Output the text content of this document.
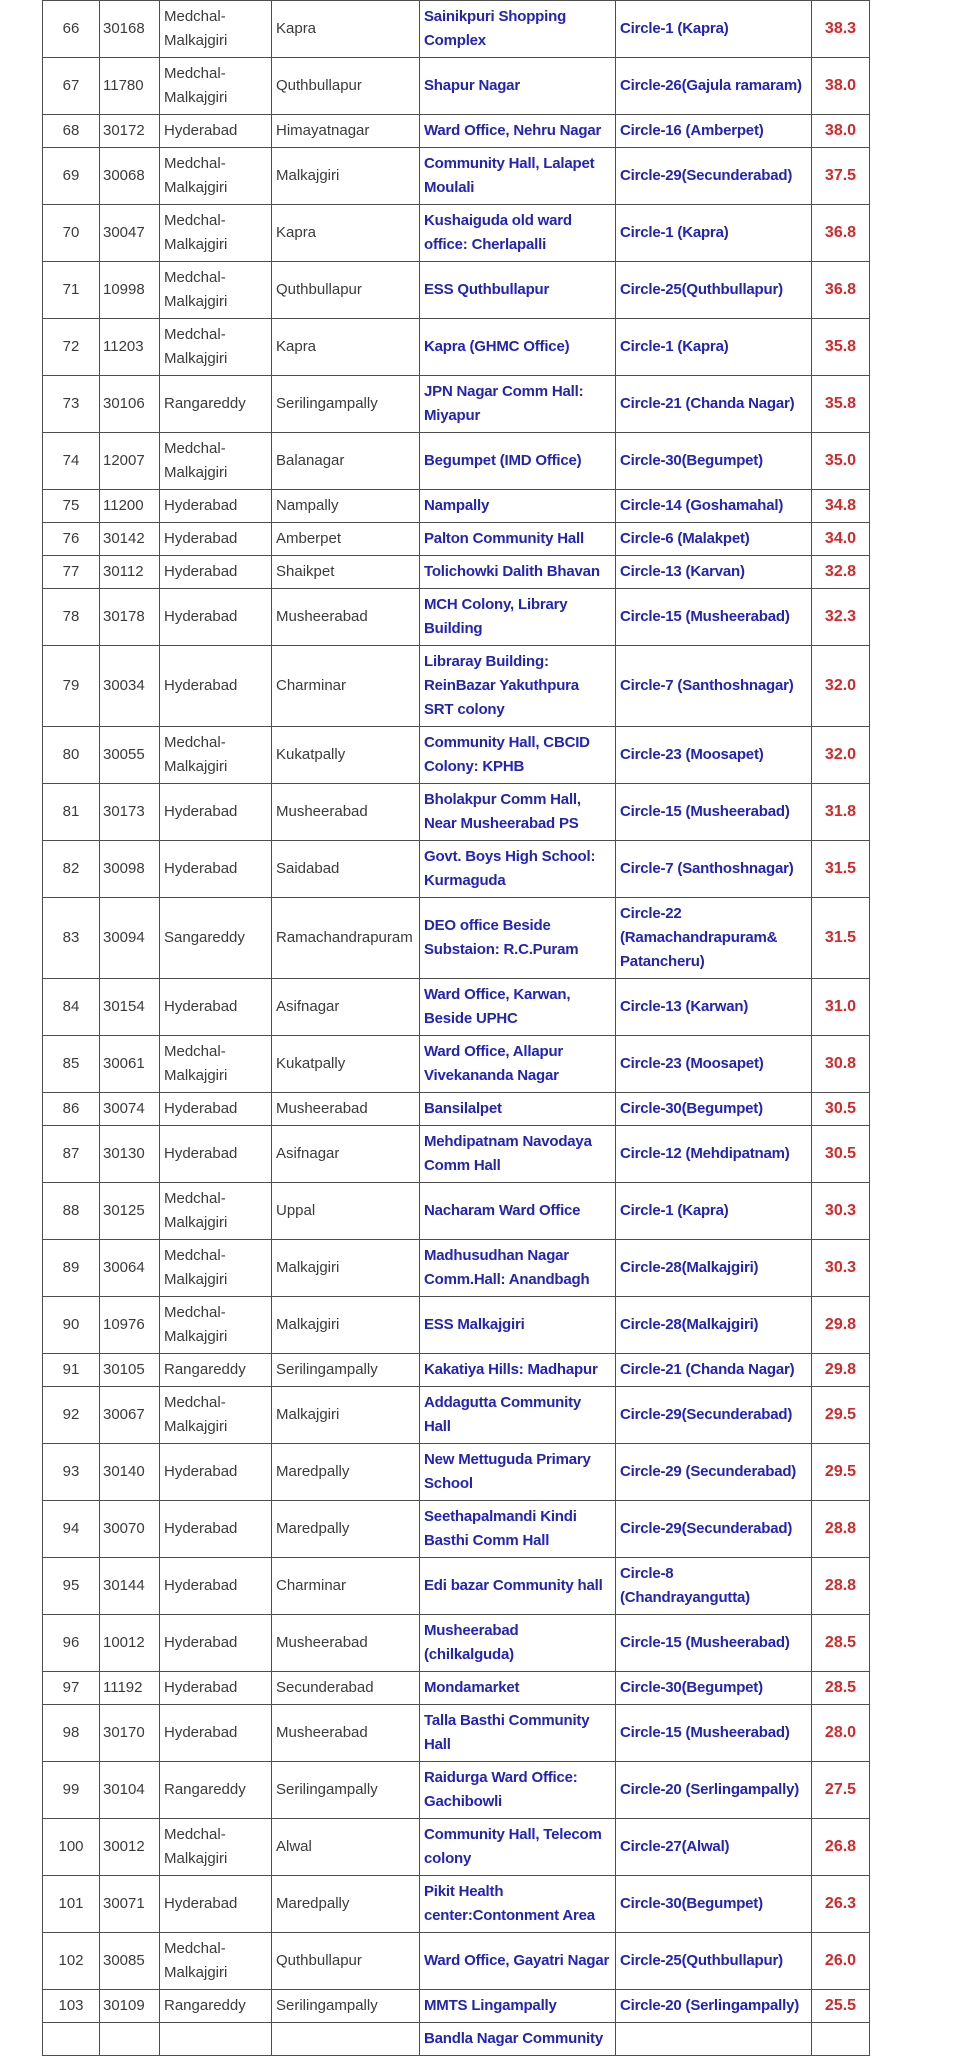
66	30168	Medchal-Malkajgiri	Kapra	Sainikpuri Shopping Complex	Circle-1 (Kapra)	38.3
67	11780	Medchal-Malkajgiri	Quthbullapur	Shapur Nagar	Circle-26(Gajula ramaram)	38.0
68	30172	Hyderabad	Himayatnagar	Ward Office, Nehru Nagar	Circle-16 (Amberpet)	38.0
69	30068	Medchal-Malkajgiri	Malkajgiri	Community Hall, Lalapet Moulali	Circle-29(Secunderabad)	37.5
70	30047	Medchal-Malkajgiri	Kapra	Kushaiguda old ward office: Cherlapalli	Circle-1 (Kapra)	36.8
71	10998	Medchal-Malkajgiri	Quthbullapur	ESS Quthbullapur	Circle-25(Quthbullapur)	36.8
72	11203	Medchal-Malkajgiri	Kapra	Kapra (GHMC Office)	Circle-1 (Kapra)	35.8
73	30106	Rangareddy	Serilingampally	JPN Nagar Comm Hall: Miyapur	Circle-21 (Chanda Nagar)	35.8
74	12007	Medchal-Malkajgiri	Balanagar	Begumpet (IMD Office)	Circle-30(Begumpet)	35.0
75	11200	Hyderabad	Nampally	Nampally	Circle-14 (Goshamahal)	34.8
76	30142	Hyderabad	Amberpet	Palton Community Hall	Circle-6 (Malakpet)	34.0
77	30112	Hyderabad	Shaikpet	Tolichowki Dalith Bhavan	Circle-13 (Karvan)	32.8
78	30178	Hyderabad	Musheerabad	MCH Colony, Library Building	Circle-15 (Musheerabad)	32.3
79	30034	Hyderabad	Charminar	Libraray Building: ReinBazar Yakuthpura SRT colony	Circle-7 (Santhoshnagar)	32.0
80	30055	Medchal-Malkajgiri	Kukatpally	Community Hall, CBCID Colony: KPHB	Circle-23 (Moosapet)	32.0
81	30173	Hyderabad	Musheerabad	Bholakpur Comm Hall, Near Musheerabad PS	Circle-15 (Musheerabad)	31.8
82	30098	Hyderabad	Saidabad	Govt. Boys High School: Kurmaguda	Circle-7 (Santhoshnagar)	31.5
83	30094	Sangareddy	Ramachandrapuram	DEO office Beside Substaion: R.C.Puram	Circle-22 (Ramachandrapuram& Patancheru)	31.5
84	30154	Hyderabad	Asifnagar	Ward Office, Karwan, Beside UPHC	Circle-13 (Karwan)	31.0
85	30061	Medchal-Malkajgiri	Kukatpally	Ward Office, Allapur Vivekananda Nagar	Circle-23 (Moosapet)	30.8
86	30074	Hyderabad	Musheerabad	Bansilalpet	Circle-30(Begumpet)	30.5
87	30130	Hyderabad	Asifnagar	Mehdipatnam Navodaya Comm Hall	Circle-12 (Mehdipatnam)	30.5
88	30125	Medchal-Malkajgiri	Uppal	Nacharam Ward Office	Circle-1 (Kapra)	30.3
89	30064	Medchal-Malkajgiri	Malkajgiri	Madhusudhan Nagar Comm.Hall: Anandbagh	Circle-28(Malkajgiri)	30.3
90	10976	Medchal-Malkajgiri	Malkajgiri	ESS Malkajgiri	Circle-28(Malkajgiri)	29.8
91	30105	Rangareddy	Serilingampally	Kakatiya Hills: Madhapur	Circle-21 (Chanda Nagar)	29.8
92	30067	Medchal-Malkajgiri	Malkajgiri	Addagutta Community Hall	Circle-29(Secunderabad)	29.5
93	30140	Hyderabad	Maredpally	New Mettuguda Primary School	Circle-29 (Secunderabad)	29.5
94	30070	Hyderabad	Maredpally	Seethapalmandi Kindi Basthi Comm Hall	Circle-29(Secunderabad)	28.8
95	30144	Hyderabad	Charminar	Edi bazar Community hall	Circle-8 (Chandrayangutta)	28.8
96	10012	Hyderabad	Musheerabad	Musheerabad (chilkalguda)	Circle-15 (Musheerabad)	28.5
97	11192	Hyderabad	Secunderabad	Mondamarket	Circle-30(Begumpet)	28.5
98	30170	Hyderabad	Musheerabad	Talla Basthi Community Hall	Circle-15 (Musheerabad)	28.0
99	30104	Rangareddy	Serilingampally	Raidurga Ward Office: Gachibowli	Circle-20 (Serlingampally)	27.5
100	30012	Medchal-Malkajgiri	Alwal	Community Hall, Telecom colony	Circle-27(Alwal)	26.8
101	30071	Hyderabad	Maredpally	Pikit Health center:Contonment Area	Circle-30(Begumpet)	26.3
102	30085	Medchal-Malkajgiri	Quthbullapur	Ward Office, Gayatri Nagar	Circle-25(Quthbullapur)	26.0
103	30109	Rangareddy	Serilingampally	MMTS Lingampally	Circle-20 (Serlingampally)	25.5
				Bandla Nagar Community		
